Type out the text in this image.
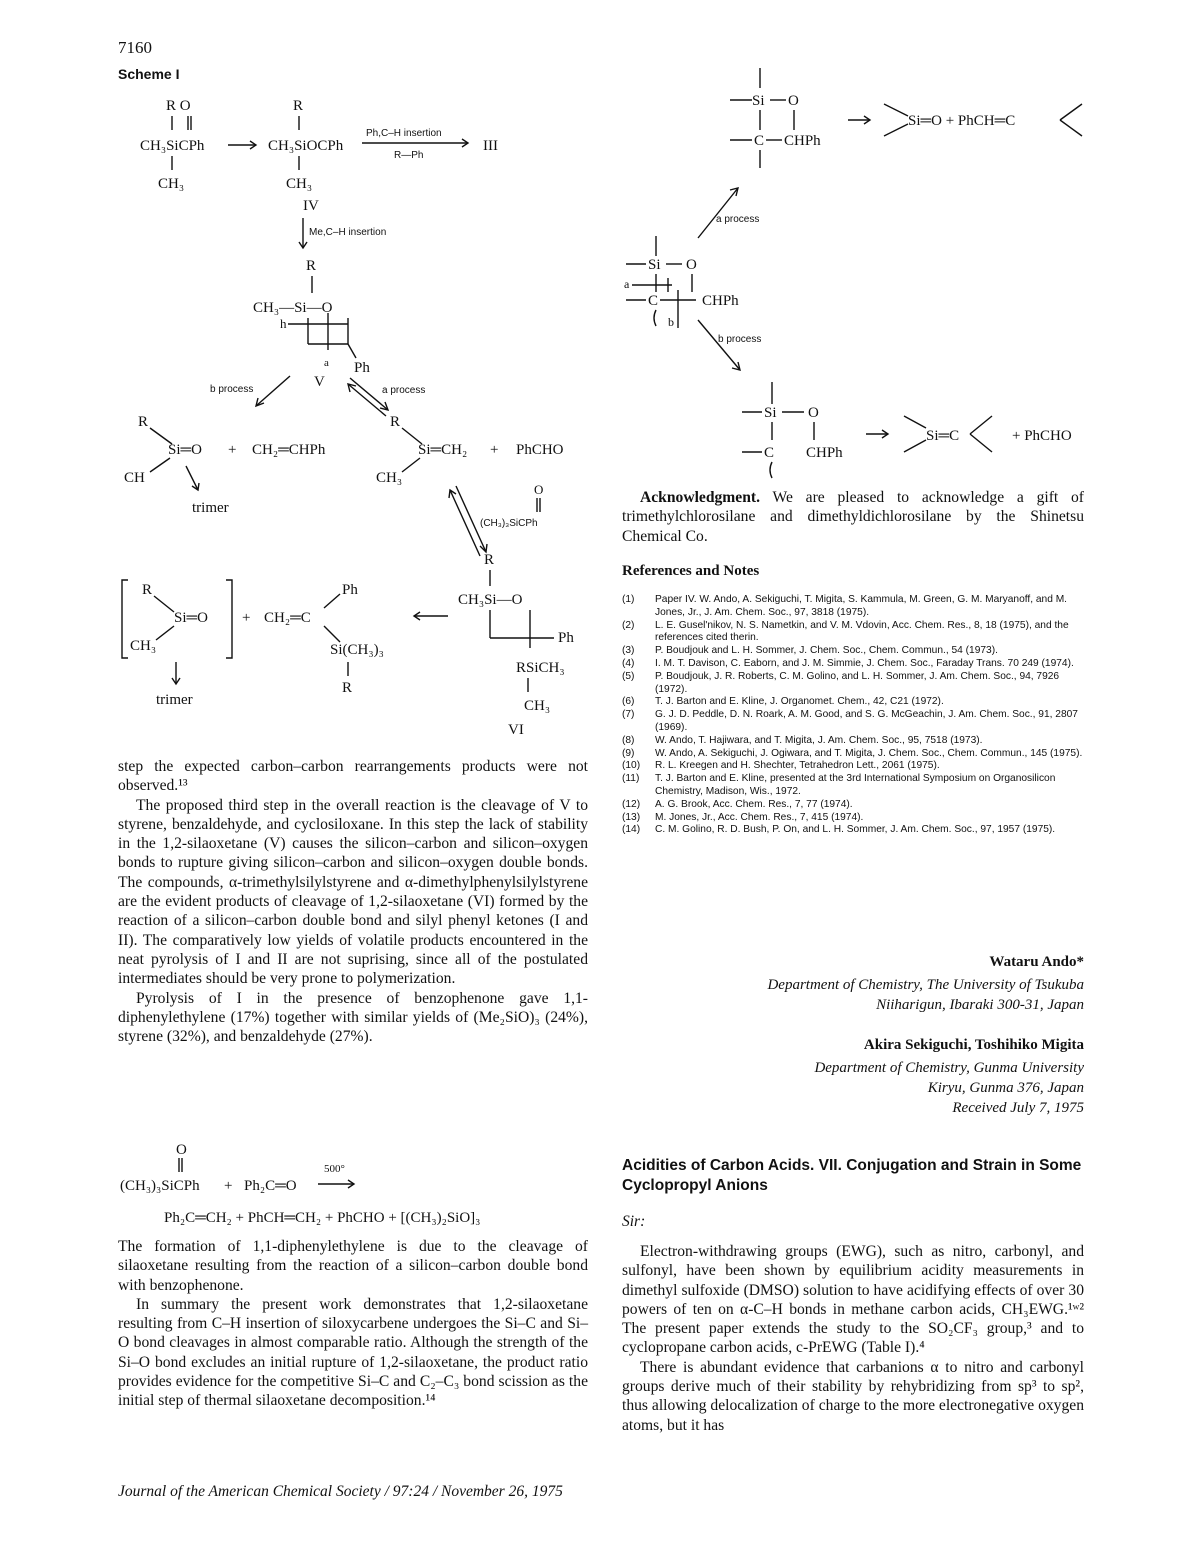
7160
Scheme I
R O
CH₃SiCPh
CH₃
R
CH₃SiOCPh
CH₃
Ph,C–H insertion
R—Ph
III
IV
Me,C–H insertion
R
CH₃—Si—O
h
a Ph
V
b process	a process
R
Si═O
CH
+ CH₂═CHPh
trimer
R
Si═CH₂
CH₃
+ PhCHO
O
(CH₃)₃SiCPh
R
Si═O
CH₃
+ CH₂═C
Ph
Si(CH₃)₃
R
trimer
R
CH₃Si—O
Ph
RSiCH₃
CH₃
VI
Si O
C CHPh
Si═O + PhCH═C
a process
Si O
a
C	CHPh
b
b process
Si O
C CHPh
Si═C	+ PhCHO

step the expected carbon–carbon rearrangements products were not observed.¹³

The proposed third step in the overall reaction is the cleavage of V to styrene, benzaldehyde, and cyclosiloxane. In this step the lack of stability in the 1,2-silaoxetane (V) causes the silicon–carbon and silicon–oxygen bonds to rupture giving silicon–carbon and silicon–oxygen double bonds. The compounds, α-trimethylsilylstyrene and α-dimethylphenylsilylstyrene are the evident products of cleavage of 1,2-silaoxetane (VI) formed by the reaction of a silicon–carbon double bond and silyl phenyl ketones (I and II). The comparatively low yields of volatile products encountered in the neat pyrolysis of I and II are not suprising, since all of the postulated intermediates should be very prone to polymerization.

Pyrolysis of I in the presence of benzophenone gave 1,1-diphenylethylene (17%) together with similar yields of (Me₂SiO)₃ (24%), styrene (32%), and benzaldehyde (27%).

O
(CH₃)₃SiCPh + Ph₂C═O
500°
Ph₂C═CH₂ + PhCH═CH₂ + PhCHO + [(CH₃)₂SiO]₃

The formation of 1,1-diphenylethylene is due to the cleavage of silaoxetane resulting from the reaction of a silicon–carbon double bond with benzophenone.

In summary the present work demonstrates that 1,2-silaoxetane resulting from C–H insertion of siloxycarbene undergoes the Si–C and Si–O bond cleavages in almost comparable ratio. Although the strength of the Si–O bond excludes an initial rupture of 1,2-silaoxetane, the product ratio provides evidence for the competitive Si–C and C₂–C₃ bond scission as the initial step of thermal silaoxetane decomposition.¹⁴

Acknowledgment. We are pleased to acknowledge a gift of trimethylchlorosilane and dimethyldichlorosilane by the Shinetsu Chemical Co.

References and Notes
(1) Paper IV. W. Ando, A. Sekiguchi, T. Migita, S. Kammula, M. Green, G. M. Maryanoff, and M. Jones, Jr., J. Am. Chem. Soc., 97, 3818 (1975).
(2) L. E. Gusel'nikov, N. S. Nametkin, and V. M. Vdovin, Acc. Chem. Res., 8, 18 (1975), and the references cited therin.
(3) P. Boudjouk and L. H. Sommer, J. Chem. Soc., Chem. Commun., 54 (1973).
(4) I. M. T. Davison, C. Eaborn, and J. M. Simmie, J. Chem. Soc., Faraday Trans. 70 249 (1974).
(5) P. Boudjouk, J. R. Roberts, C. M. Golino, and L. H. Sommer, J. Am. Chem. Soc., 94, 7926 (1972).
(6) T. J. Barton and E. Kline, J. Organomet. Chem., 42, C21 (1972).
(7) G. J. D. Peddle, D. N. Roark, A. M. Good, and S. G. McGeachin, J. Am. Chem. Soc., 91, 2807 (1969).
(8) W. Ando, T. Hajiwara, and T. Migita, J. Am. Chem. Soc., 95, 7518 (1973).
(9) W. Ando, A. Sekiguchi, J. Ogiwara, and T. Migita, J. Chem. Soc., Chem. Commun., 145 (1975).
(10) R. L. Kreegen and H. Shechter, Tetrahedron Lett., 2061 (1975).
(11) T. J. Barton and E. Kline, presented at the 3rd International Symposium on Organosilicon Chemistry, Madison, Wis., 1972.
(12) A. G. Brook, Acc. Chem. Res., 7, 77 (1974).
(13) M. Jones, Jr., Acc. Chem. Res., 7, 415 (1974).
(14) C. M. Golino, R. D. Bush, P. On, and L. H. Sommer, J. Am. Chem. Soc., 97, 1957 (1975).
Wataru Ando*
Department of Chemistry, The University of Tsukuba
Niiharigun, Ibaraki 300-31, Japan
Akira Sekiguchi, Toshihiko Migita
Department of Chemistry, Gunma University
Kiryu, Gunma 376, Japan
Received July 7, 1975
Acidities of Carbon Acids. VII. Conjugation and Strain in Some Cyclopropyl Anions
Sir:

Electron-withdrawing groups (EWG), such as nitro, carbonyl, and sulfonyl, have been shown by equilibrium acidity measurements in dimethyl sulfoxide (DMSO) solution to have acidifying effects of over 30 powers of ten on α-C–H bonds in methane carbon acids, CH₃EWG.¹ʷ² The present paper extends the study to the SO₂CF₃ group,³ and to cyclopropane carbon acids, c-PrEWG (Table I).⁴

There is abundant evidence that carbanions α to nitro and carbonyl groups derive much of their stability by rehybridizing from sp³ to sp², thus allowing delocalization of charge to the more electronegative oxygen atoms, but it has

Journal of the American Chemical Society / 97:24 / November 26, 1975
